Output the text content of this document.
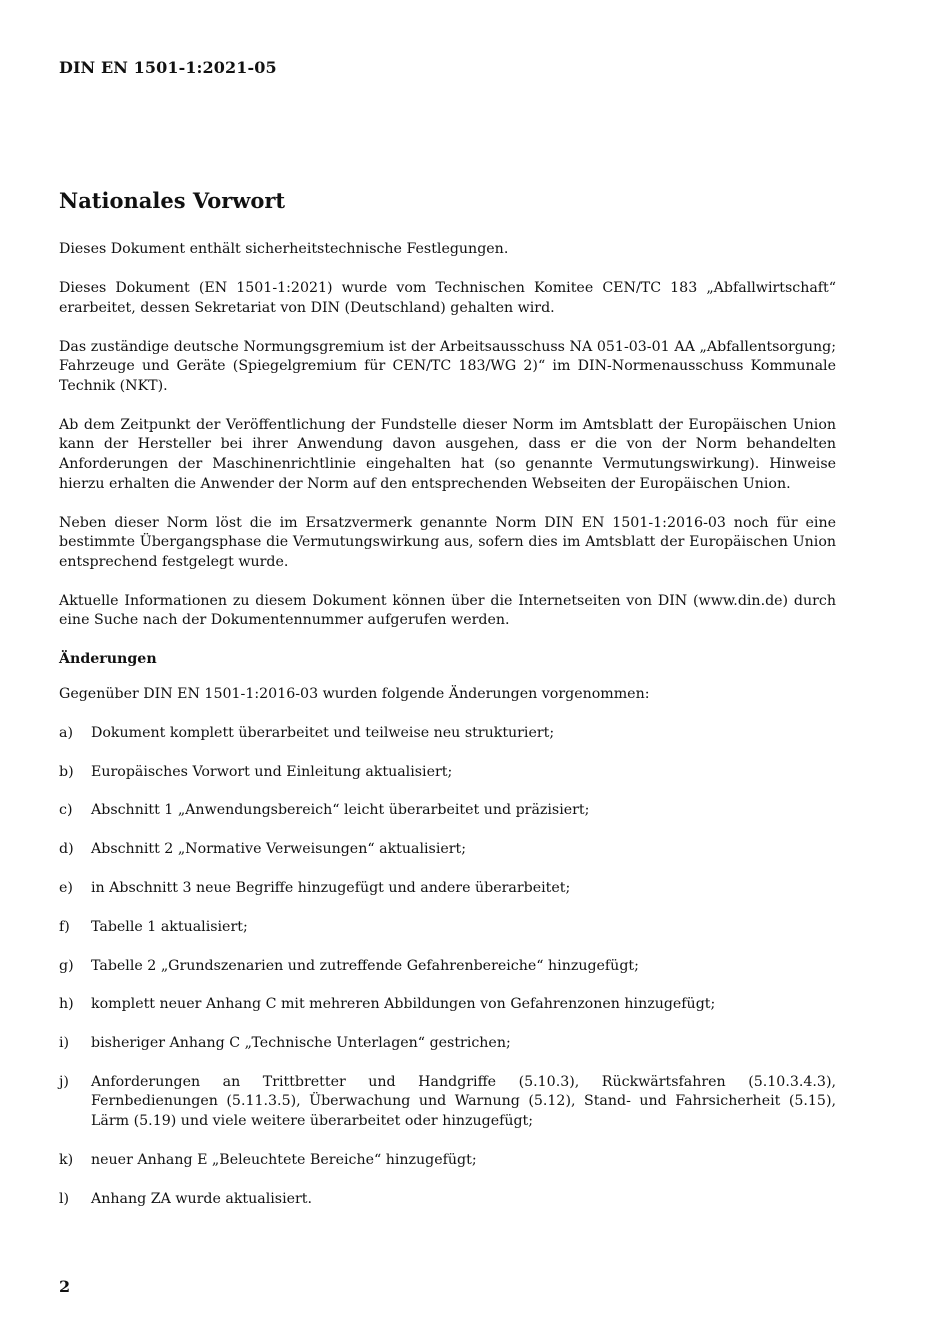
DIN EN 1501-1:2021-05
Nationales Vorwort

Dieses Dokument enthält sicherheitstechnische Festlegungen.

Dieses Dokument (EN 1501-1:2021) wurde vom Technischen Komitee CEN/TC 183 „Abfallwirtschaft“ erarbeitet, dessen Sekretariat von DIN (Deutschland) gehalten wird.

Das zuständige deutsche Normungsgremium ist der Arbeitsausschuss NA 051-03-01 AA „Abfallentsorgung; Fahrzeuge und Geräte (Spiegelgremium für CEN/TC 183/WG 2)“ im DIN-Normenausschuss Kommunale Technik (NKT).

Ab dem Zeitpunkt der Veröffentlichung der Fundstelle dieser Norm im Amtsblatt der Europäischen Union kann der Hersteller bei ihrer Anwendung davon ausgehen, dass er die von der Norm behandelten Anforderungen der Maschinenrichtlinie eingehalten hat (so genannte Vermutungswirkung). Hinweise hierzu erhalten die Anwender der Norm auf den entsprechenden Webseiten der Europäischen Union.

Neben dieser Norm löst die im Ersatzvermerk genannte Norm DIN EN 1501-1:2016-03 noch für eine bestimmte Übergangsphase die Vermutungswirkung aus, sofern dies im Amtsblatt der Europäischen Union entsprechend festgelegt wurde.

Aktuelle Informationen zu diesem Dokument können über die Internetseiten von DIN (www.din.de) durch eine Suche nach der Dokumentennummer aufgerufen werden.

Änderungen
Gegenüber DIN EN 1501-1:2016-03 wurden folgende Änderungen vorgenommen:
a)	Dokument komplett überarbeitet und teilweise neu strukturiert;
b)	Europäisches Vorwort und Einleitung aktualisiert;
c)	Abschnitt 1 „Anwendungsbereich“ leicht überarbeitet und präzisiert;
d)	Abschnitt 2 „Normative Verweisungen“ aktualisiert;
e)	in Abschnitt 3 neue Begriffe hinzugefügt und andere überarbeitet;
f)	Tabelle 1 aktualisiert;
g)	Tabelle 2 „Grundszenarien und zutreffende Gefahrenbereiche“ hinzugefügt;
h)	komplett neuer Anhang C mit mehreren Abbildungen von Gefahrenzonen hinzugefügt;
i)	bisheriger Anhang C „Technische Unterlagen“ gestrichen;
j)	Anforderungen an Trittbretter und Handgriffe (5.10.3), Rückwärtsfahren (5.10.3.4.3), Fernbedienungen (5.11.3.5), Überwachung und Warnung (5.12), Stand- und Fahrsicherheit (5.15), Lärm (5.19) und viele weitere überarbeitet oder hinzugefügt;
k)	neuer Anhang E „Beleuchtete Bereiche“ hinzugefügt;
l)	Anhang ZA wurde aktualisiert.
2
